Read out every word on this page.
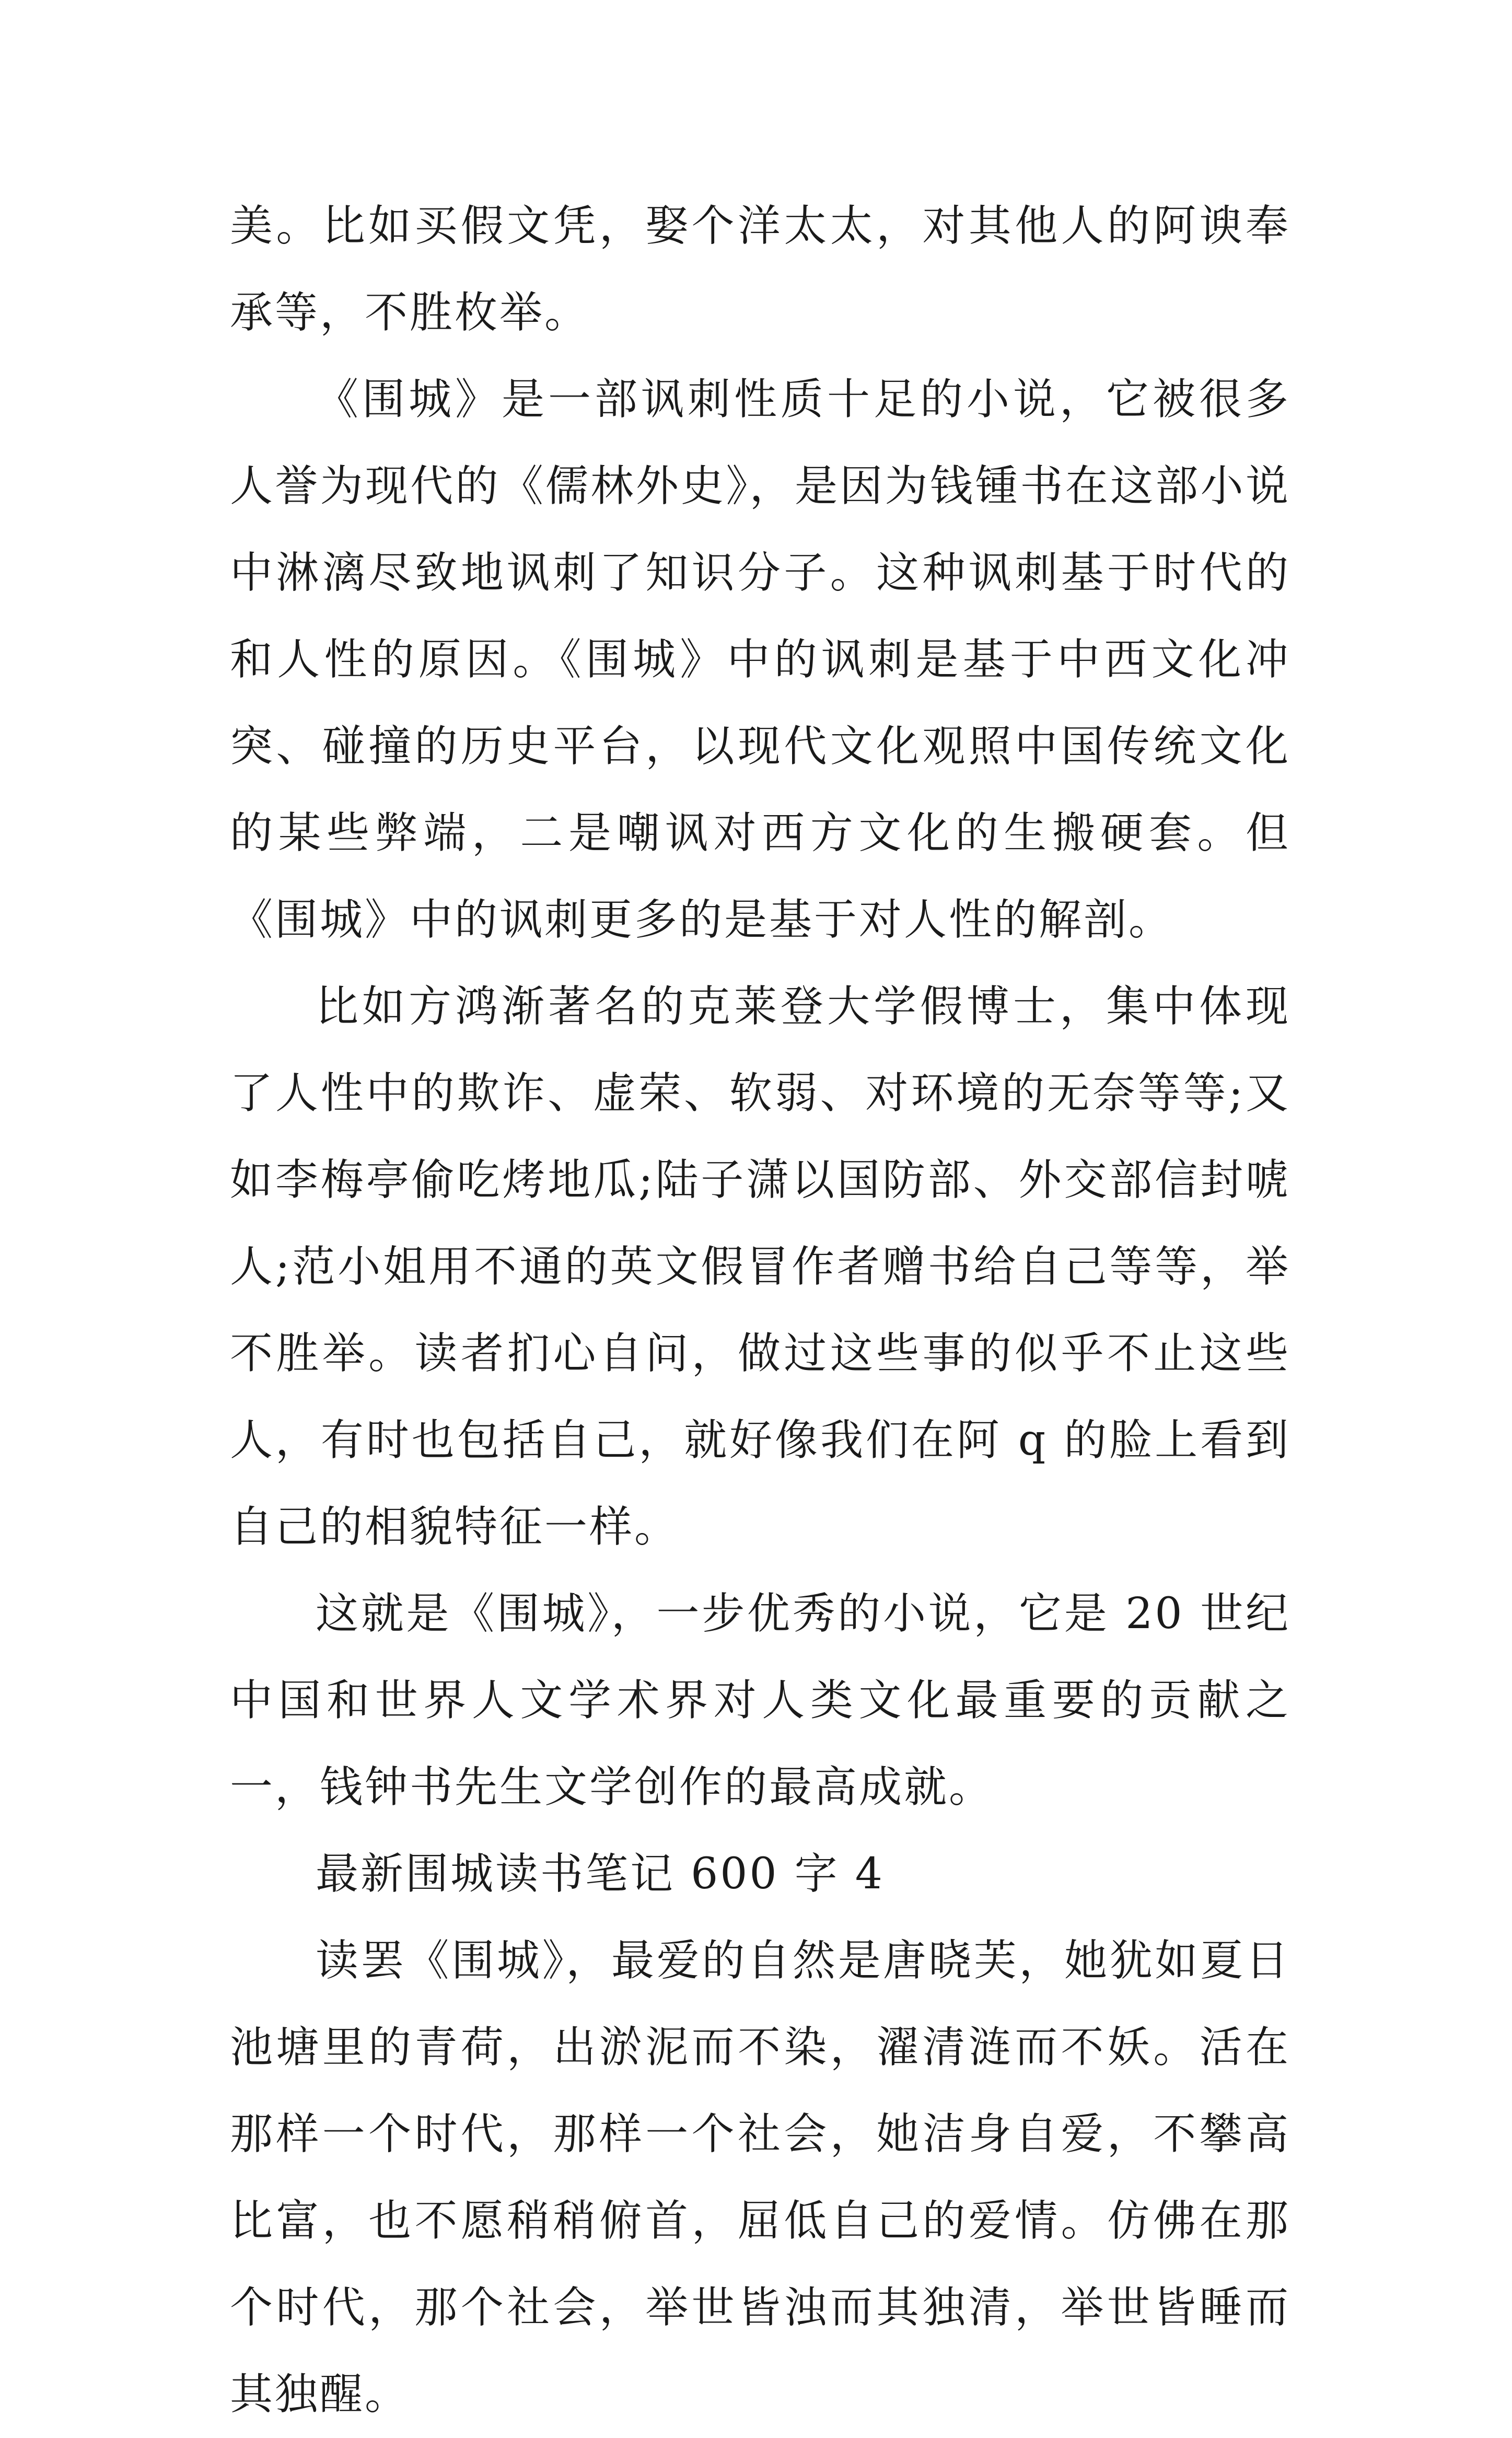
美。比如买假文凭，娶个洋太太，对其他人的阿谀奉承等，不胜枚举。

《围城》是一部讽刺性质十足的小说，它被很多人誉为现代的《儒林外史》，是因为钱锺书在这部小说中淋漓尽致地讽刺了知识分子。这种讽刺基于时代的和人性的原因。《围城》中的讽刺是基于中西文化冲突、碰撞的历史平台，以现代文化观照中国传统文化的某些弊端，二是嘲讽对西方文化的生搬硬套。但《围城》中的讽刺更多的是基于对人性的解剖。

比如方鸿渐著名的克莱登大学假博士，集中体现了人性中的欺诈、虚荣、软弱、对环境的无奈等等;又如李梅亭偷吃烤地瓜;陆子潇以国防部、外交部信封唬人;范小姐用不通的英文假冒作者赠书给自己等等，举不胜举。读者扪心自问，做过这些事的似乎不止这些人，有时也包括自己，就好像我们在阿 q 的脸上看到自己的相貌特征一样。

这就是《围城》，一步优秀的小说，它是 20 世纪中国和世界人文学术界对人类文化最重要的贡献之一，钱钟书先生文学创作的最高成就。

最新围城读书笔记 600 字 4

读罢《围城》，最爱的自然是唐晓芙，她犹如夏日池塘里的青荷，出淤泥而不染，濯清涟而不妖。活在那样一个时代，那样一个社会，她洁身自爱，不攀高比富，也不愿稍稍俯首，屈低自己的爱情。仿佛在那个时代，那个社会，举世皆浊而其独清，举世皆睡而其独醒。
